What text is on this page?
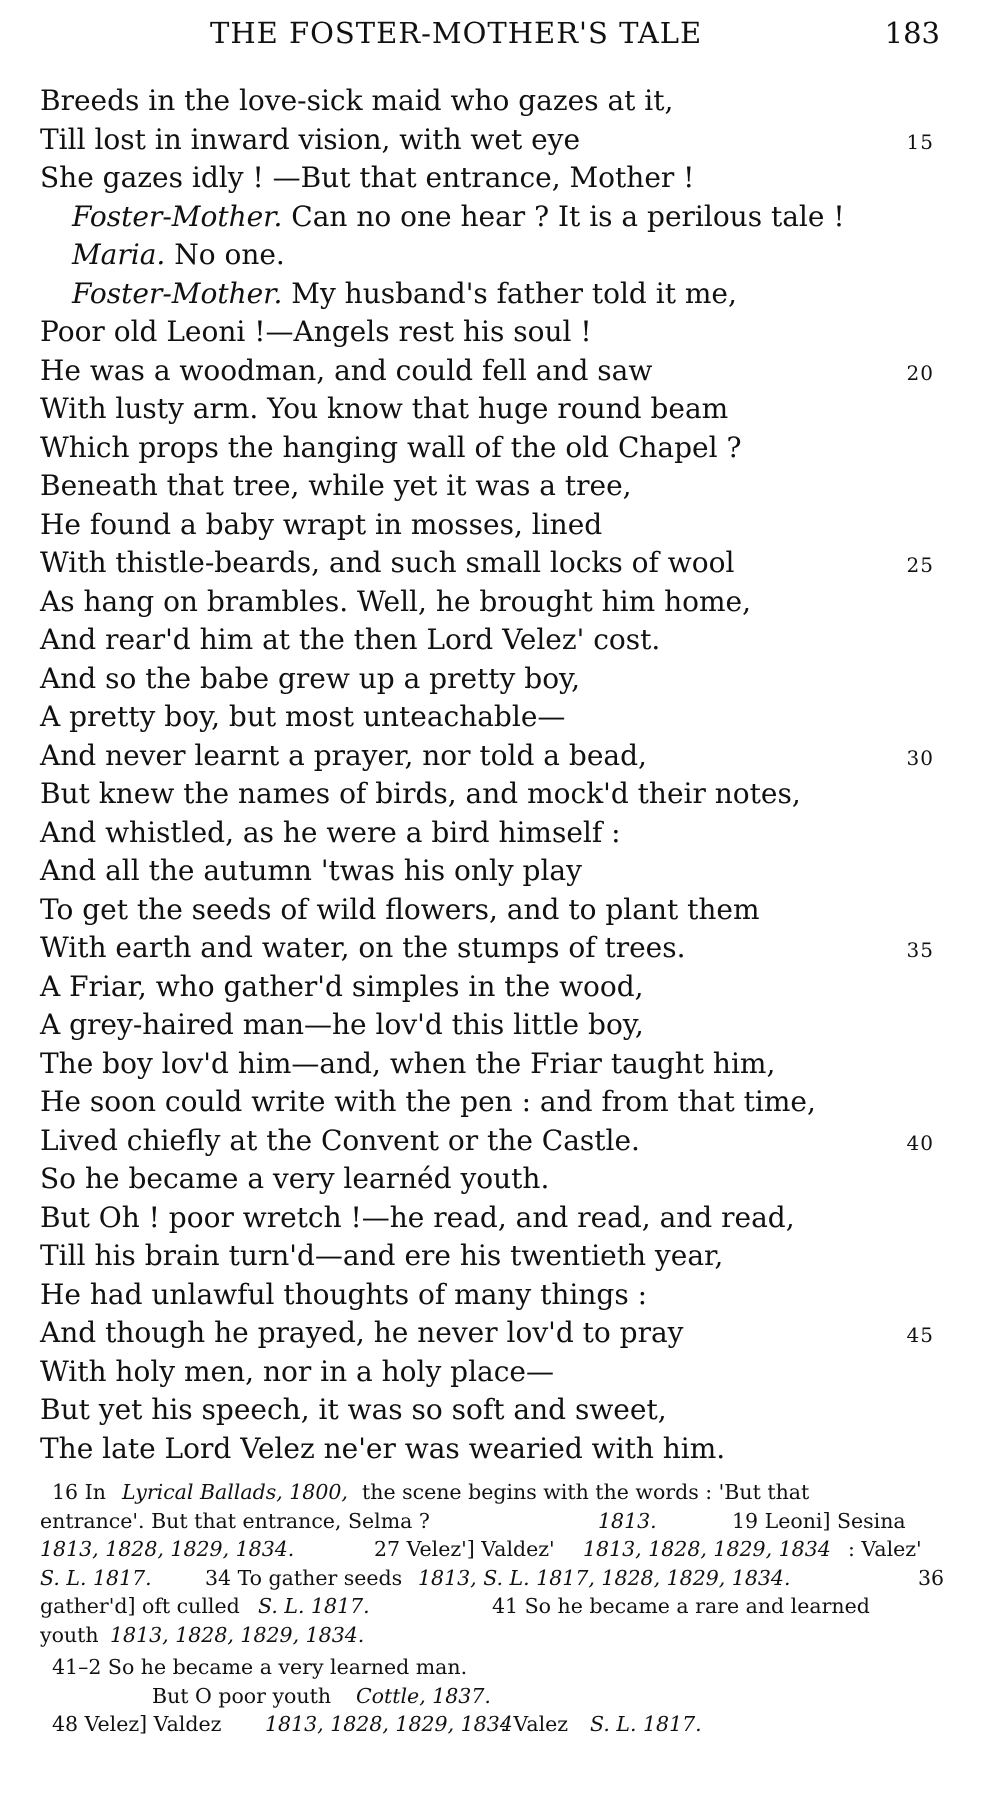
THE FOSTER-MOTHER'S TALE	183
Breeds in the love-sick maid who gazes at it,
Till lost in inward vision, with wet eye	15
She gazes idly ! —But that entrance, Mother !
Foster-Mother. Can no one hear ? It is a perilous tale !
Maria. No one.
Foster-Mother. My husband's father told it me,
Poor old Leoni !—Angels rest his soul !
He was a woodman, and could fell and saw	20
With lusty arm. You know that huge round beam
Which props the hanging wall of the old Chapel ?
Beneath that tree, while yet it was a tree,
He found a baby wrapt in mosses, lined
With thistle-beards, and such small locks of wool	25
As hang on brambles. Well, he brought him home,
And rear'd him at the then Lord Velez' cost.
And so the babe grew up a pretty boy,
A pretty boy, but most unteachable—
And never learnt a prayer, nor told a bead,	30
But knew the names of birds, and mock'd their notes,
And whistled, as he were a bird himself :
And all the autumn 'twas his only play
To get the seeds of wild flowers, and to plant them
With earth and water, on the stumps of trees.	35
A Friar, who gather'd simples in the wood,
A grey-haired man—he lov'd this little boy,
The boy lov'd him—and, when the Friar taught him,
He soon could write with the pen : and from that time,
Lived chiefly at the Convent or the Castle.	40
So he became a very learnéd youth.
But Oh ! poor wretch !—he read, and read, and read,
Till his brain turn'd—and ere his twentieth year,
He had unlawful thoughts of many things :
And though he prayed, he never lov'd to pray	45
With holy men, nor in a holy place—
But yet his speech, it was so soft and sweet,
The late Lord Velez ne'er was wearied with him.
16 In Lyrical Ballads, 1800, the scene begins with the words : 'But that
entrance'. But that entrance, Selma ?	1813.	19 Leoni] Sesina
1813, 1828, 1829, 1834.	27 Velez'] Valdez' 1813, 1828, 1829, 1834 : Valez'
S. L. 1817.	34 To gather seeds 1813, S. L. 1817, 1828, 1829, 1834.	36
gather'd] oft culled S. L. 1817.	41 So he became a rare and learned
youth 1813, 1828, 1829, 1834.
41–2 So he became a very learned man.
But O poor youth Cottle, 1837.
48 Velez] Valdez 1813, 1828, 1829, 1834
: Valez S. L. 1817.
